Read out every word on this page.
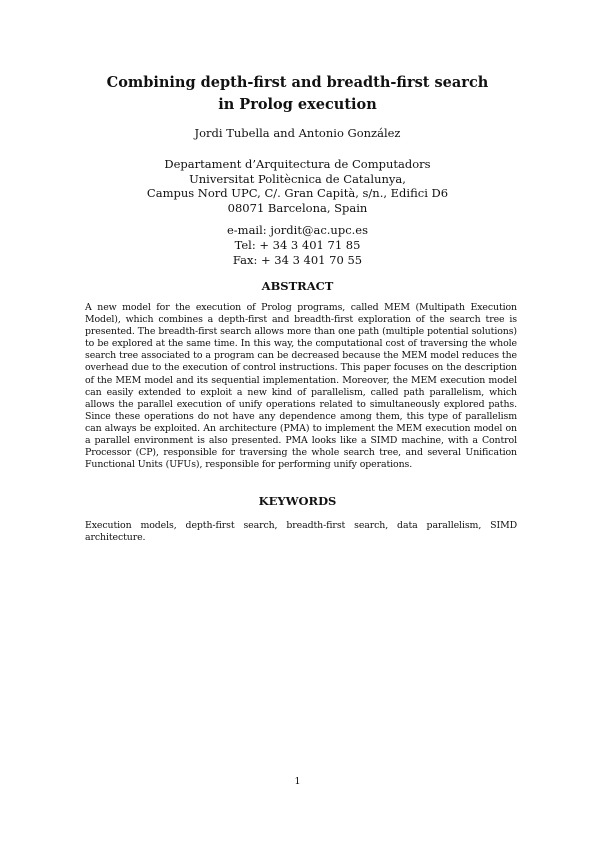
Combining depth-first and breadth-first search
in Prolog execution
Jordi Tubella and Antonio González
Departament d’Arquitectura de Computadors
Universitat Politècnica de Catalunya,
Campus Nord UPC, C/. Gran Capità, s/n., Edifici D6
08071 Barcelona, Spain
e-mail: jordit@ac.upc.es
Tel: + 34 3 401 71 85
Fax: + 34 3 401 70 55
ABSTRACT
A new model for the execution of Prolog programs, called MEM (Multipath Execution Model), which combines a depth-first and breadth-first exploration of the search tree is presented. The breadth-first search allows more than one path (multiple potential solutions) to be explored at the same time. In this way, the computational cost of traversing the whole search tree associated to a program can be decreased because the MEM model reduces the overhead due to the execution of control instructions. This paper focuses on the description of the MEM model and its sequential implementation. Moreover, the MEM execution model can easily extended to exploit a new kind of parallelism, called path parallelism, which allows the parallel execution of unify operations related to simultaneously explored paths. Since these operations do not have any dependence among them, this type of parallelism can always be exploited. An architecture (PMA) to implement the MEM execution model on a parallel environment is also presented. PMA looks like a SIMD machine, with a Control Processor (CP), responsible for traversing the whole search tree, and several Unification Functional Units (UFUs), responsible for performing unify operations.
KEYWORDS
Execution models, depth-first search, breadth-first search, data parallelism, SIMD architecture.
1
